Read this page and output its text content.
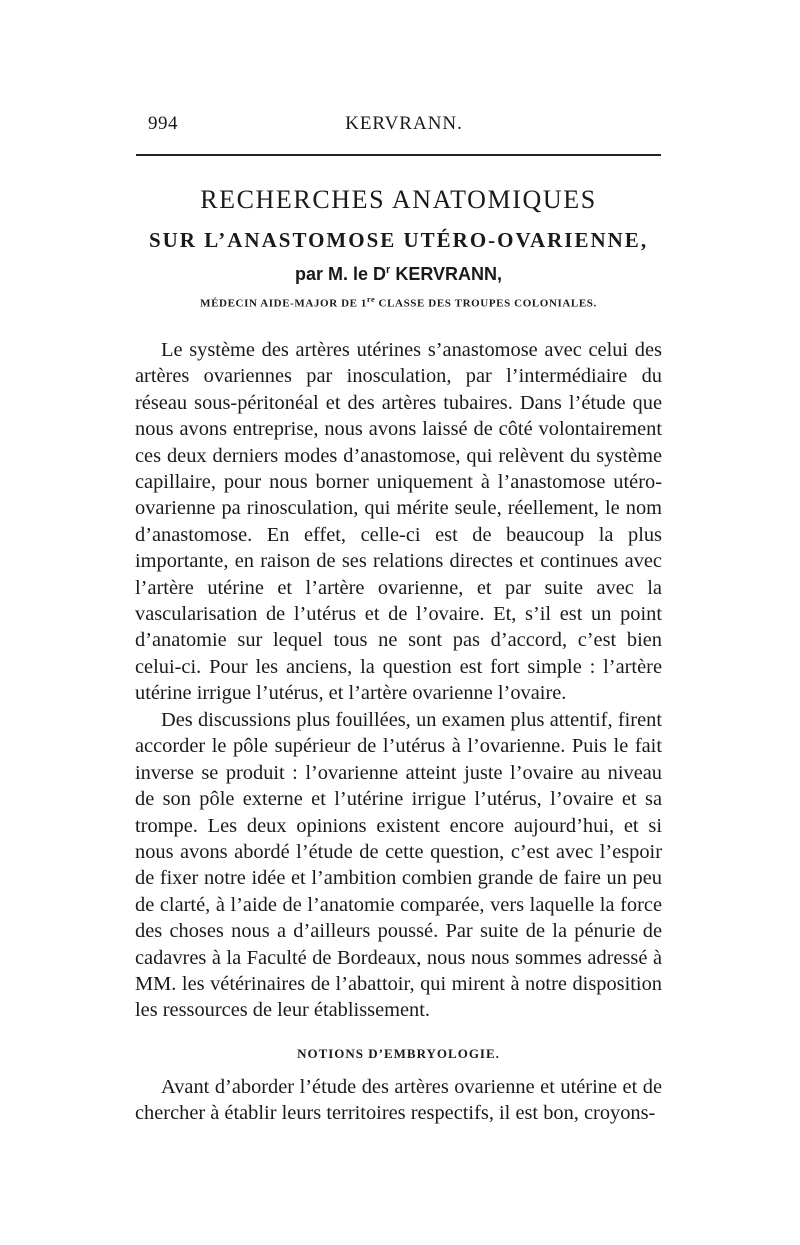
994	KERVRANN.
RECHERCHES ANATOMIQUES
SUR L’ANASTOMOSE UTÉRO-OVARIENNE,
par M. le $D^r$ KERVRANN,
MÉDECIN AIDE-MAJOR DE 1re CLASSE DES TROUPES COLONIALES.

Le système des artères utérines s’anastomose avec celui des artères ovariennes par inosculation, par l’intermédiaire du réseau sous-péritonéal et des artères tubaires. Dans l’étude que nous avons entreprise, nous avons laissé de côté volontairement ces deux derniers modes d’anastomose, qui relèvent du système capillaire, pour nous borner uniquement à l’anastomose utéro-ovarienne pa rinosculation, qui mérite seule, réellement, le nom d’anastomose. En effet, celle-ci est de beaucoup la plus importante, en raison de ses relations directes et continues avec l’artère utérine et l’artère ovarienne, et par suite avec la vascularisation de l’utérus et de l’ovaire. Et, s’il est un point d’anatomie sur lequel tous ne sont pas d’accord, c’est bien celui-ci. Pour les anciens, la question est fort simple : l’artère utérine irrigue l’utérus, et l’artère ovarienne l’ovaire.

Des discussions plus fouillées, un examen plus attentif, firent accorder le pôle supérieur de l’utérus à l’ovarienne. Puis le fait inverse se produit : l’ovarienne atteint juste l’ovaire au niveau de son pôle externe et l’utérine irrigue l’utérus, l’ovaire et sa trompe. Les deux opinions existent encore aujourd’hui, et si nous avons abordé l’étude de cette question, c’est avec l’espoir de fixer notre idée et l’ambition combien grande de faire un peu de clarté, à l’aide de l’anatomie comparée, vers laquelle la force des choses nous a d’ailleurs poussé. Par suite de la pénurie de cadavres à la Faculté de Bordeaux, nous nous sommes adressé à MM. les vétérinaires de l’abattoir, qui mirent à notre disposition les ressources de leur établissement.

NOTIONS D’EMBRYOLOGIE.

Avant d’aborder l’étude des artères ovarienne et utérine et de chercher à établir leurs territoires respectifs, il est bon, croyons-
